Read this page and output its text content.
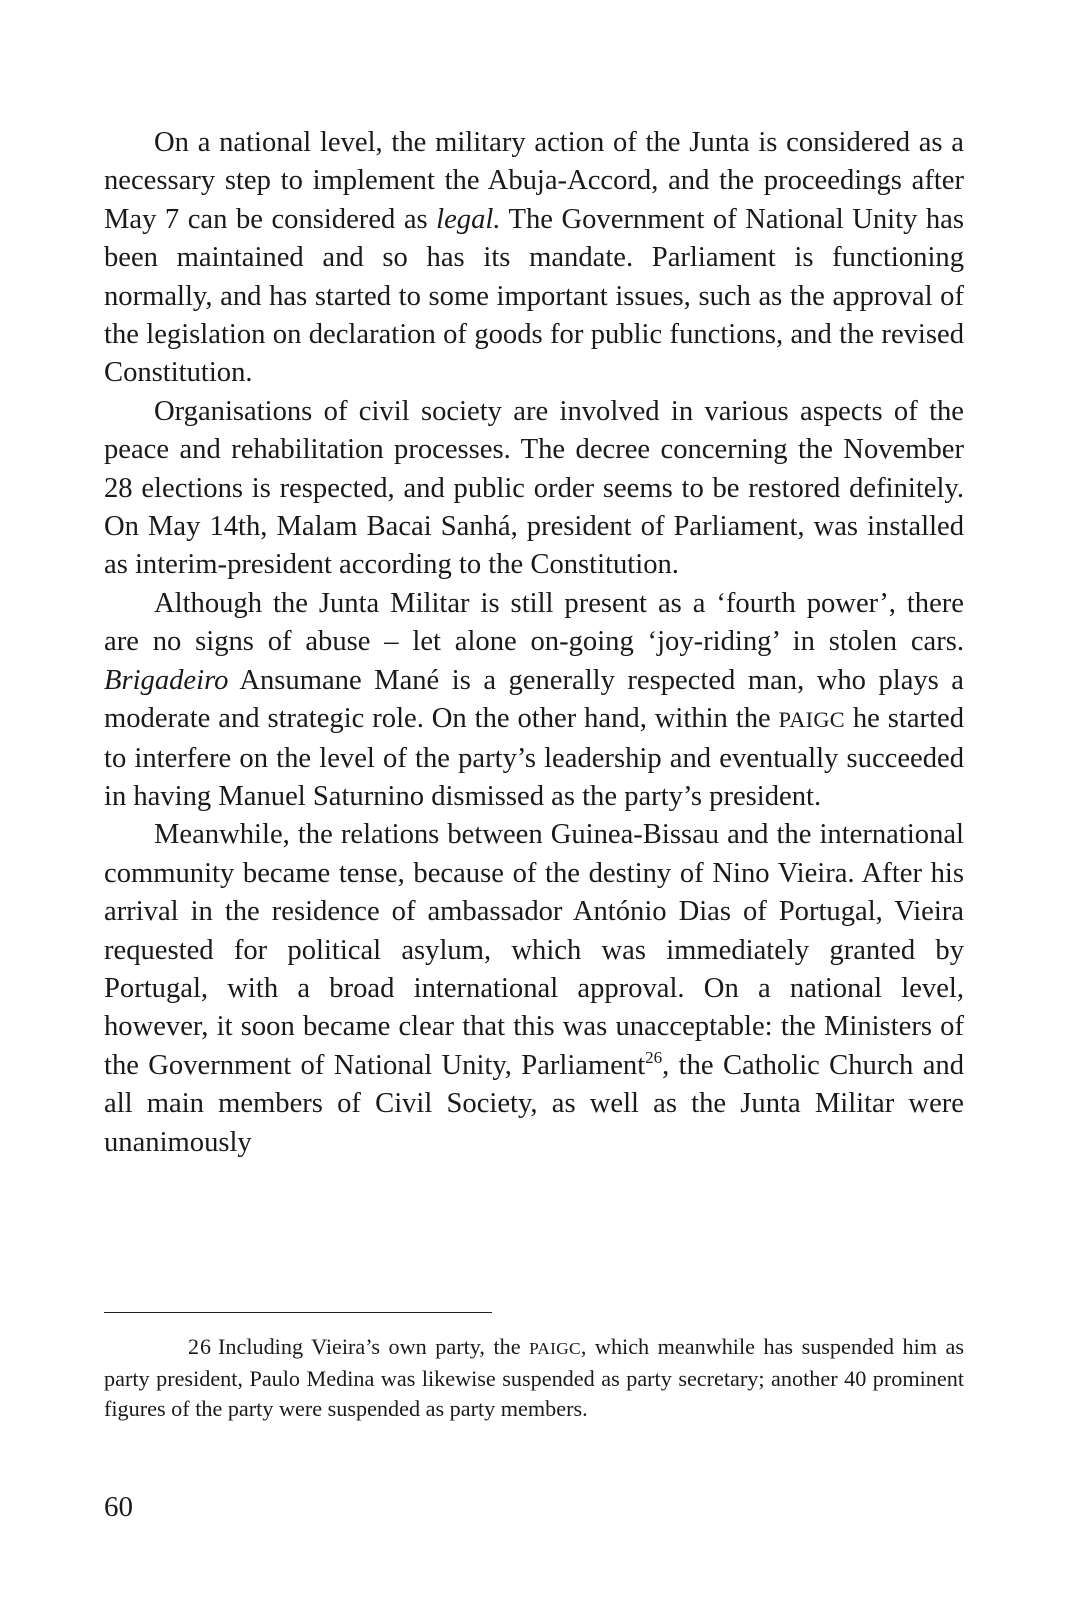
On a national level, the military action of the Junta is considered as a necessary step to implement the Abuja-Accord, and the proceedings after May 7 can be considered as legal. The Government of National Unity has been maintained and so has its mandate. Parliament is functioning normally, and has started to some important issues, such as the approval of the legislation on declaration of goods for public functions, and the revised Constitution.

Organisations of civil society are involved in various aspects of the peace and rehabilitation processes. The decree concerning the November 28 elections is respected, and public order seems to be restored definitely. On May 14th, Malam Bacai Sanhá, president of Parliament, was installed as interim-president according to the Constitution.

Although the Junta Militar is still present as a ‘fourth power’, there are no signs of abuse – let alone on-going ‘joy-riding’ in stolen cars. Brigadeiro Ansumane Mané is a generally respected man, who plays a moderate and strategic role. On the other hand, within the PAIGC he started to interfere on the level of the party’s leadership and eventually succeeded in having Manuel Saturnino dismissed as the party’s president.

Meanwhile, the relations between Guinea-Bissau and the international community became tense, because of the destiny of Nino Vieira. After his arrival in the residence of ambassador António Dias of Portugal, Vieira requested for political asylum, which was immediately granted by Portugal, with a broad international approval. On a national level, however, it soon became clear that this was unacceptable: the Ministers of the Government of National Unity, Parliament$^{26}$, the Catholic Church and all main members of Civil Society, as well as the Junta Militar were unanimously

26 Including Vieira’s own party, the PAIGC, which meanwhile has suspended him as party president, Paulo Medina was likewise suspended as party secretary; another 40 prominent figures of the party were suspended as party members.
60
